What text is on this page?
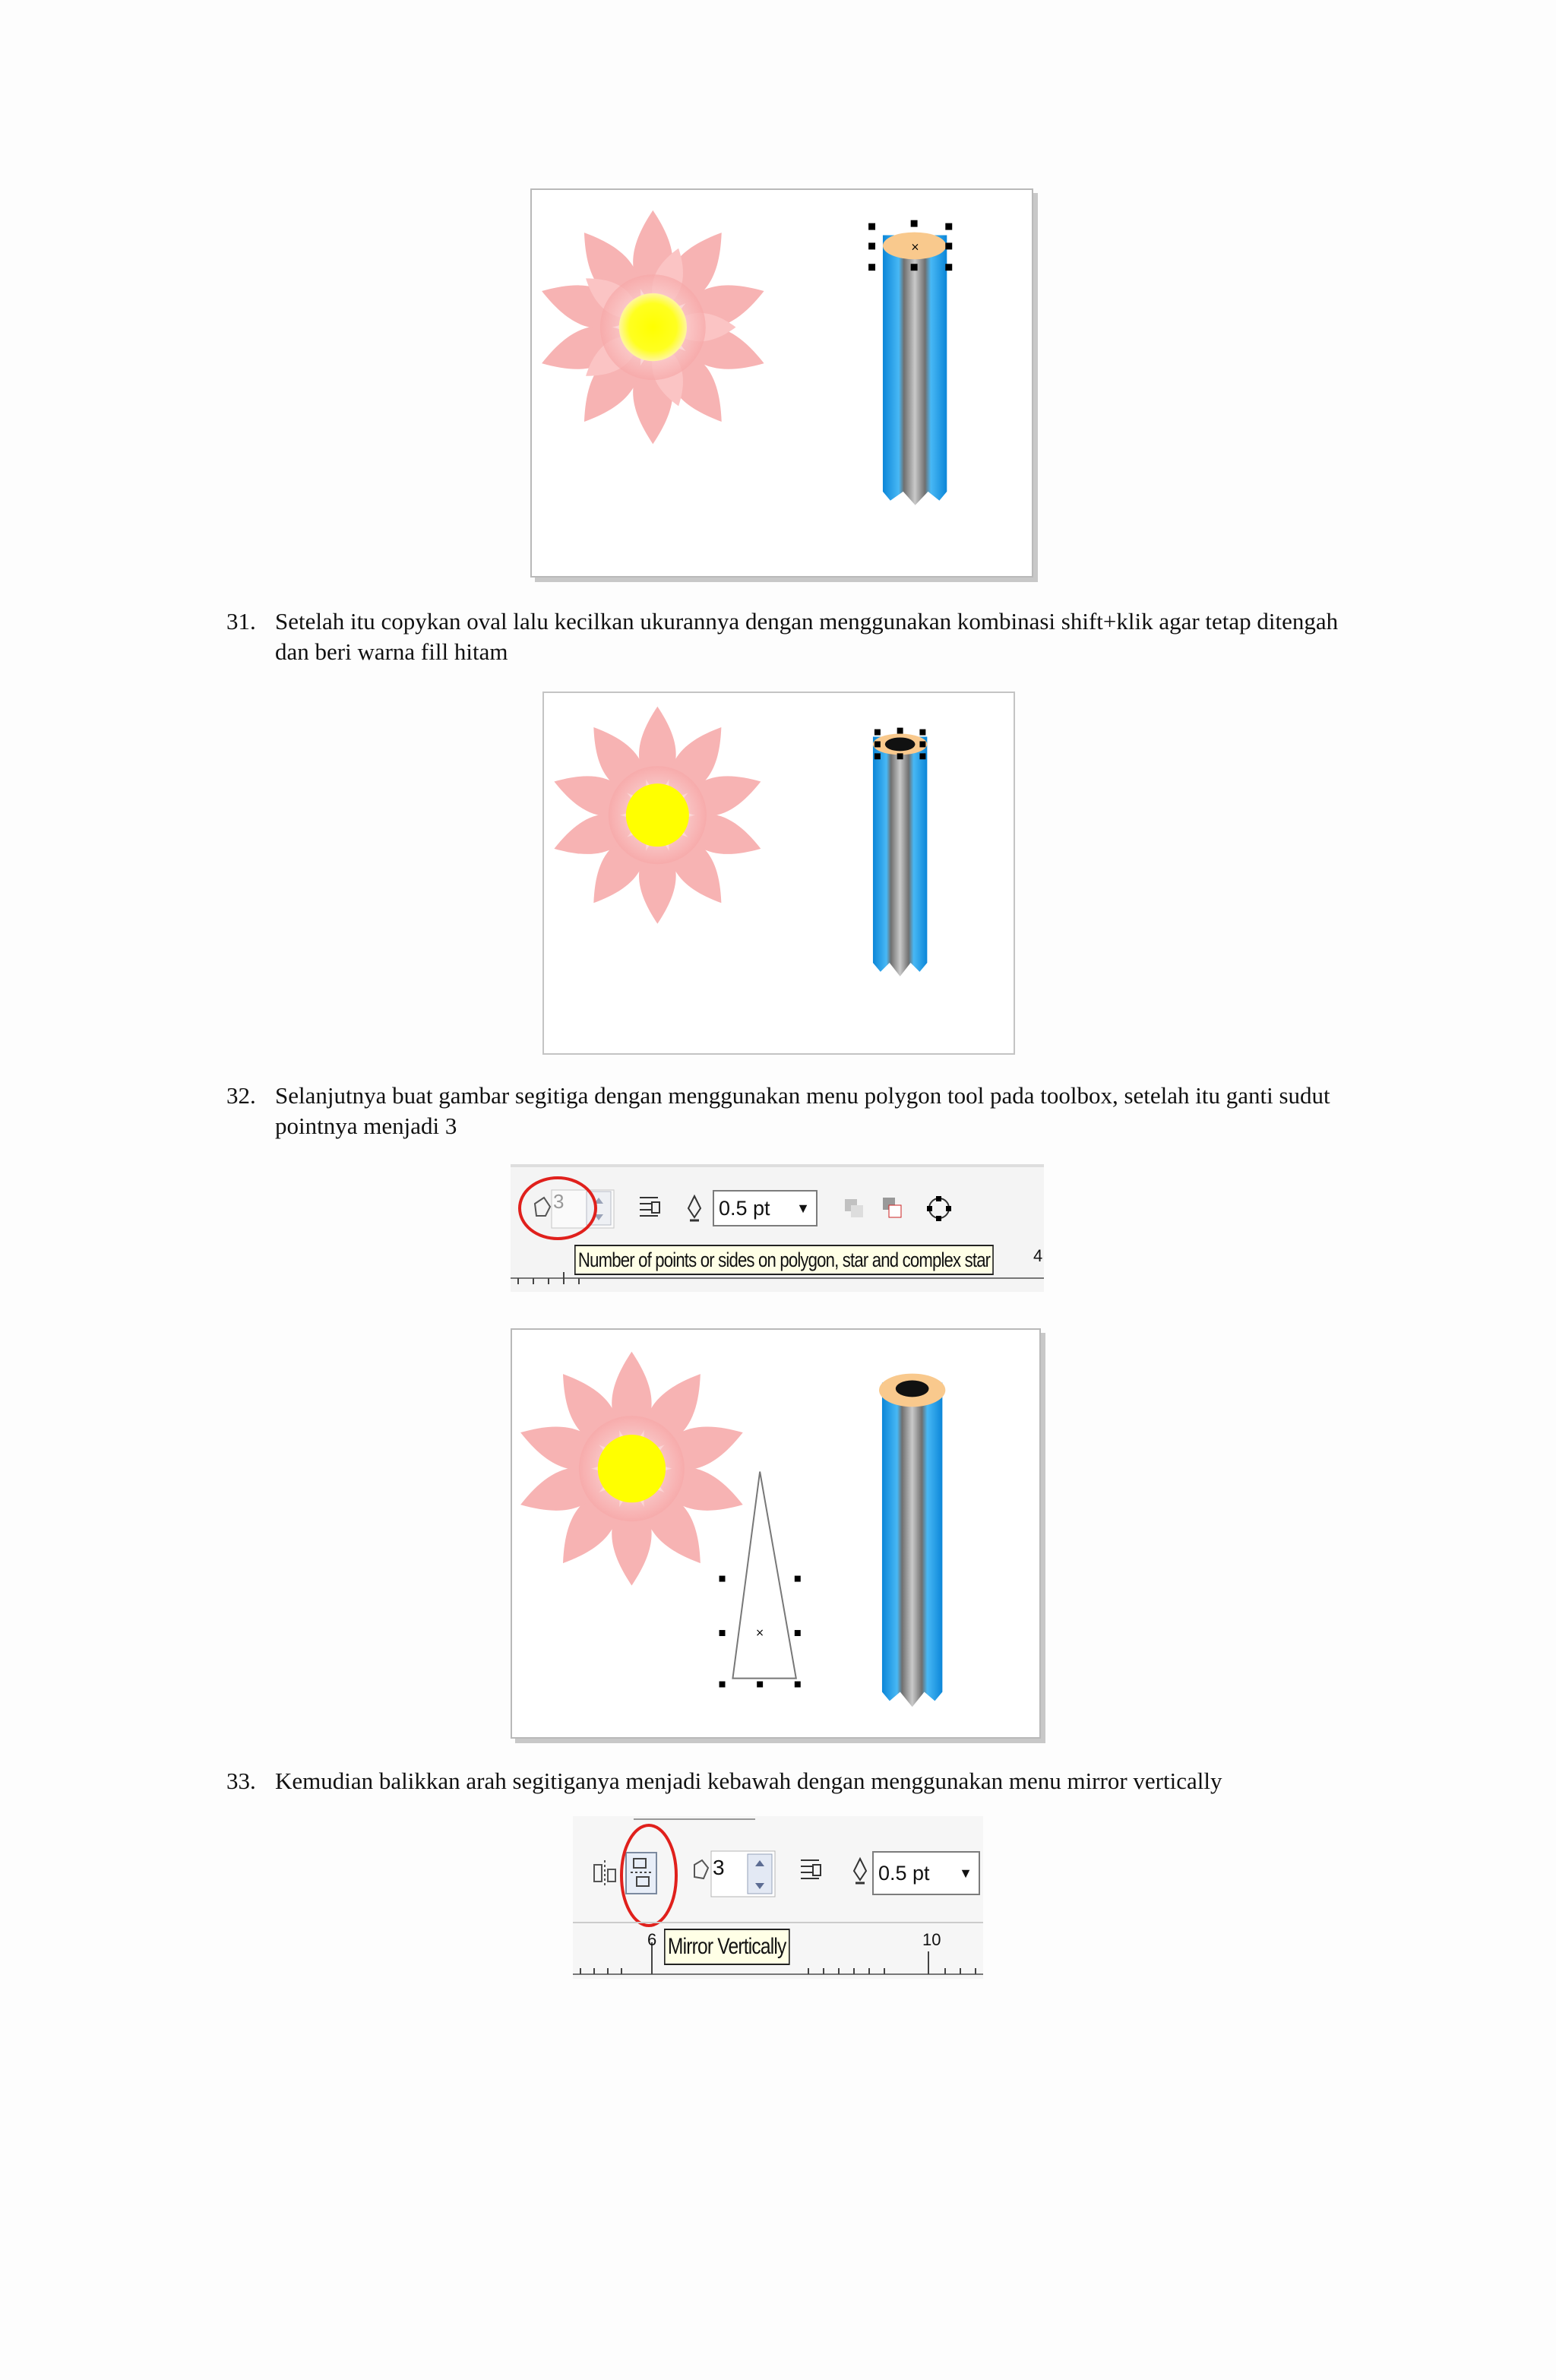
×
31. Setelah itu copykan oval lalu kecilkan ukurannya dengan menggunakan kombinasi shift+klik agar tetap ditengah dan beri warna fill hitam
32. Selanjutnya buat gambar segitiga dengan menggunakan menu polygon tool pada toolbox, setelah itu ganti sudut pointnya menjadi 3
3	0.5 pt ▼
Number of points or sides on polygon, star and complex star	4
×
33. Kemudian balikkan arah segitiganya menjadi kebawah dengan menggunakan menu mirror vertically
3	0.5 pt ▼
Mirror Vertically
6	10
